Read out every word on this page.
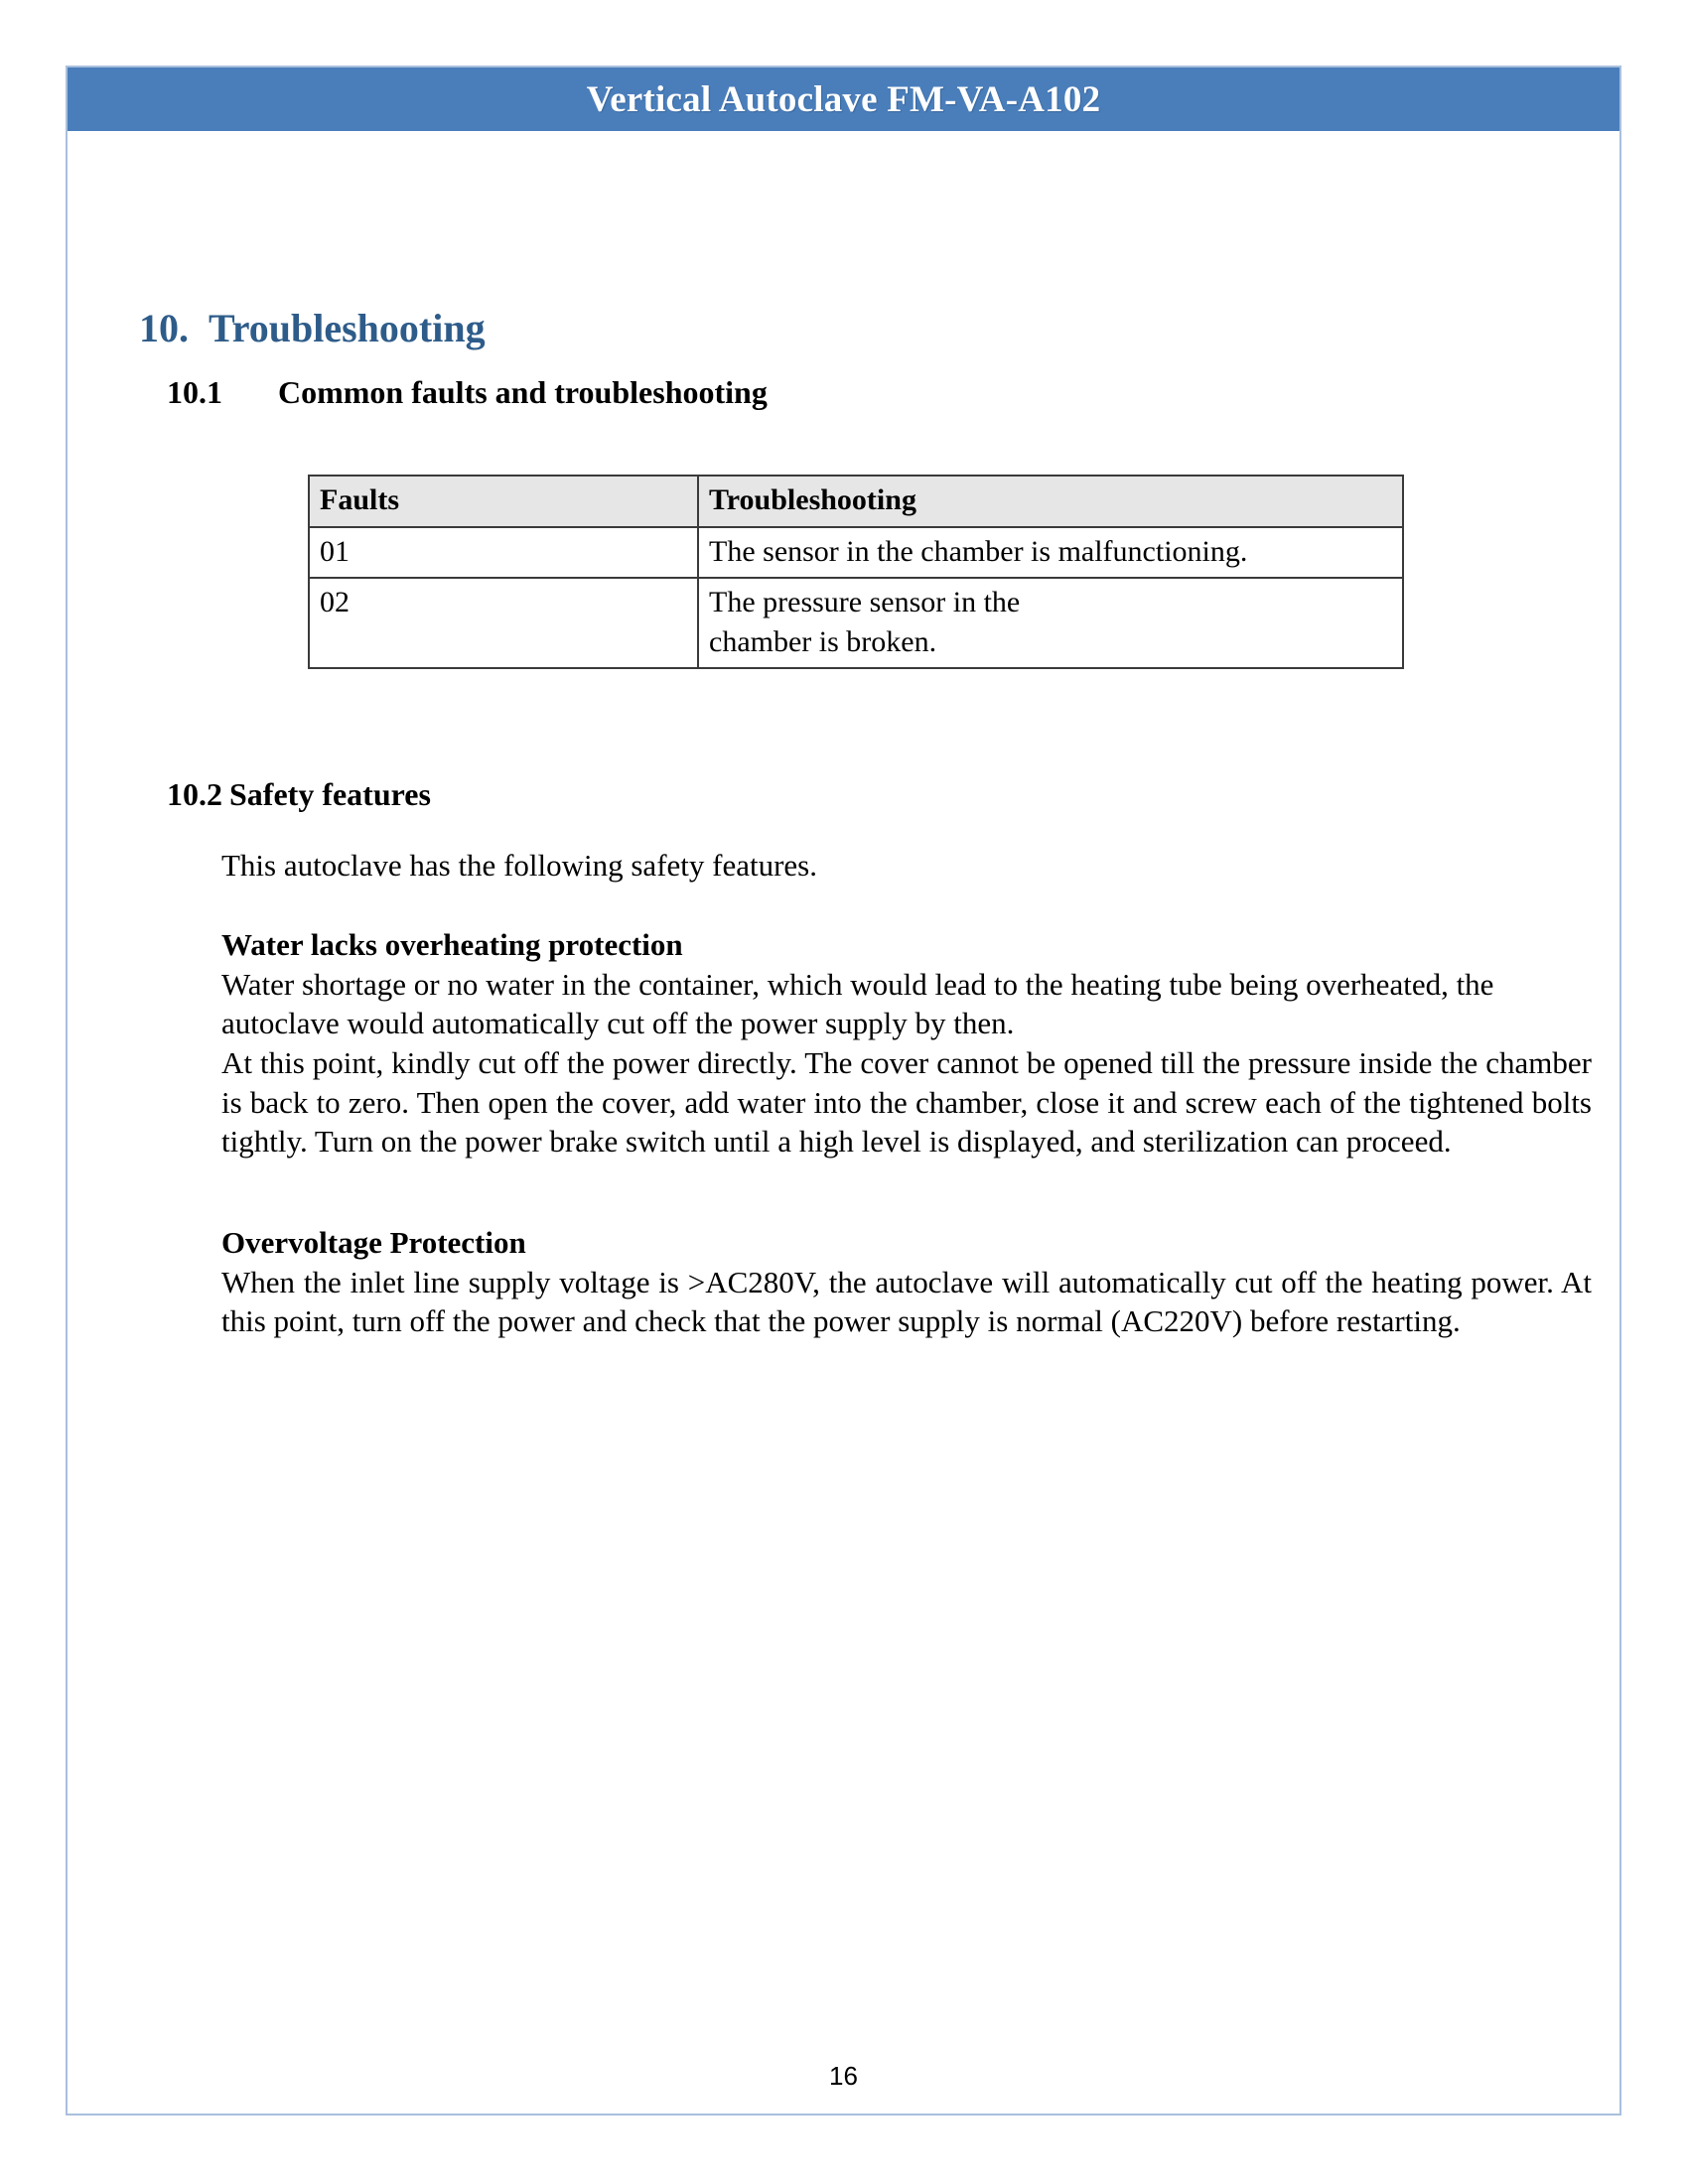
Vertical Autoclave FM-VA-A102
10. Troubleshooting
10.1 Common faults and troubleshooting
Faults	Troubleshooting
01	The sensor in the chamber is malfunctioning.
02	The pressure sensor in the
chamber is broken.
10.2 Safety features

This autoclave has the following safety features.

Water lacks overheating protection

Water shortage or no water in the container, which would lead to the heating tube being overheated, the autoclave would automatically cut off the power supply by then.

At this point, kindly cut off the power directly. The cover cannot be opened till the pressure inside the chamber is back to zero. Then open the cover, add water into the chamber, close it and screw each of the tightened bolts tightly. Turn on the power brake switch until a high level is displayed, and sterilization can proceed.

Overvoltage Protection

When the inlet line supply voltage is >AC280V, the autoclave will automatically cut off the heating power. At this point, turn off the power and check that the power supply is normal (AC220V) before restarting.

16
